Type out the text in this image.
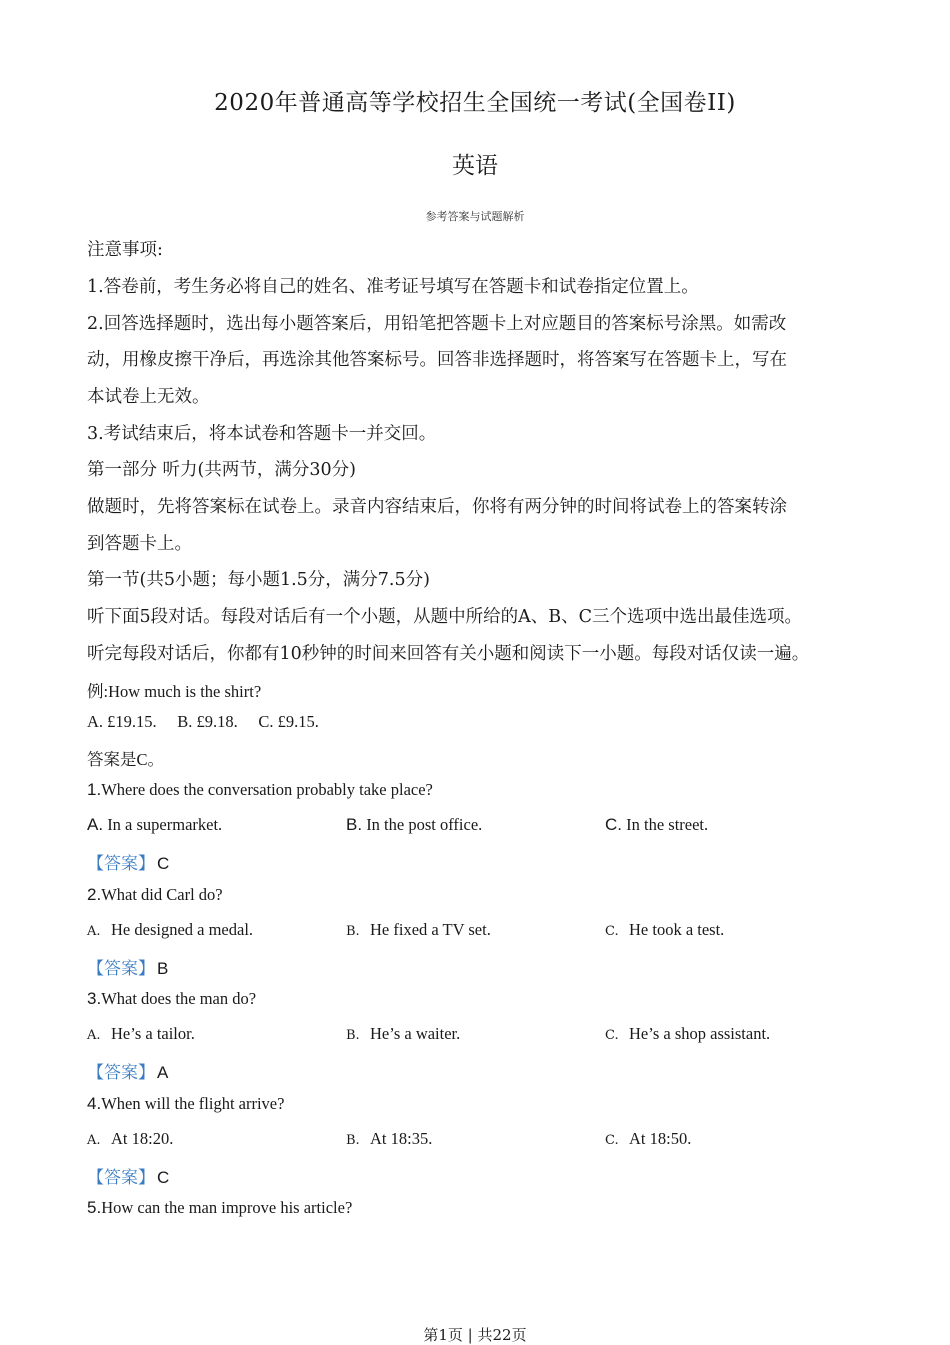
2020年普通高等学校招生全国统一考试(全国卷II)
英语
参考答案与试题解析
注意事项:
1.答卷前，考生务必将自己的姓名、准考证号填写在答题卡和试卷指定位置上。
2.回答选择题时，选出每小题答案后，用铅笔把答题卡上对应题目的答案标号涂黑。如需改
动，用橡皮擦干净后，再选涂其他答案标号。回答非选择题时，将答案写在答题卡上，写在
本试卷上无效。
3.考试结束后，将本试卷和答题卡一并交回。
第一部分 听力(共两节，满分30分)
做题时，先将答案标在试卷上。录音内容结束后，你将有两分钟的时间将试卷上的答案转涂
到答题卡上。
第一节(共5小题；每小题1.5分，满分7.5分)
听下面5段对话。每段对话后有一个小题，从题中所给的A、B、C三个选项中选出最佳选项。
听完每段对话后，你都有10秒钟的时间来回答有关小题和阅读下一小题。每段对话仅读一遍。
例:How much is the shirt?
A. £19.15.     B. £9.18.     C. £9.15.
答案是C。
1.Where does the conversation probably take place?
A. In a supermarket.	B. In the post office.	C. In the street.
【答案】 C
2.What did Carl do?
A. He designed a medal.	B. He fixed a TV set.	C. He took a test.
【答案】 B
3.What does the man do?
A. He’s a tailor.	B. He’s a waiter.	C. He’s a shop assistant.
【答案】 A
4.When will the flight arrive?
A. At 18:20.	B. At 18:35.	C. At 18:50.
【答案】 C
5.How can the man improve his article?
第1页 | 共22页
